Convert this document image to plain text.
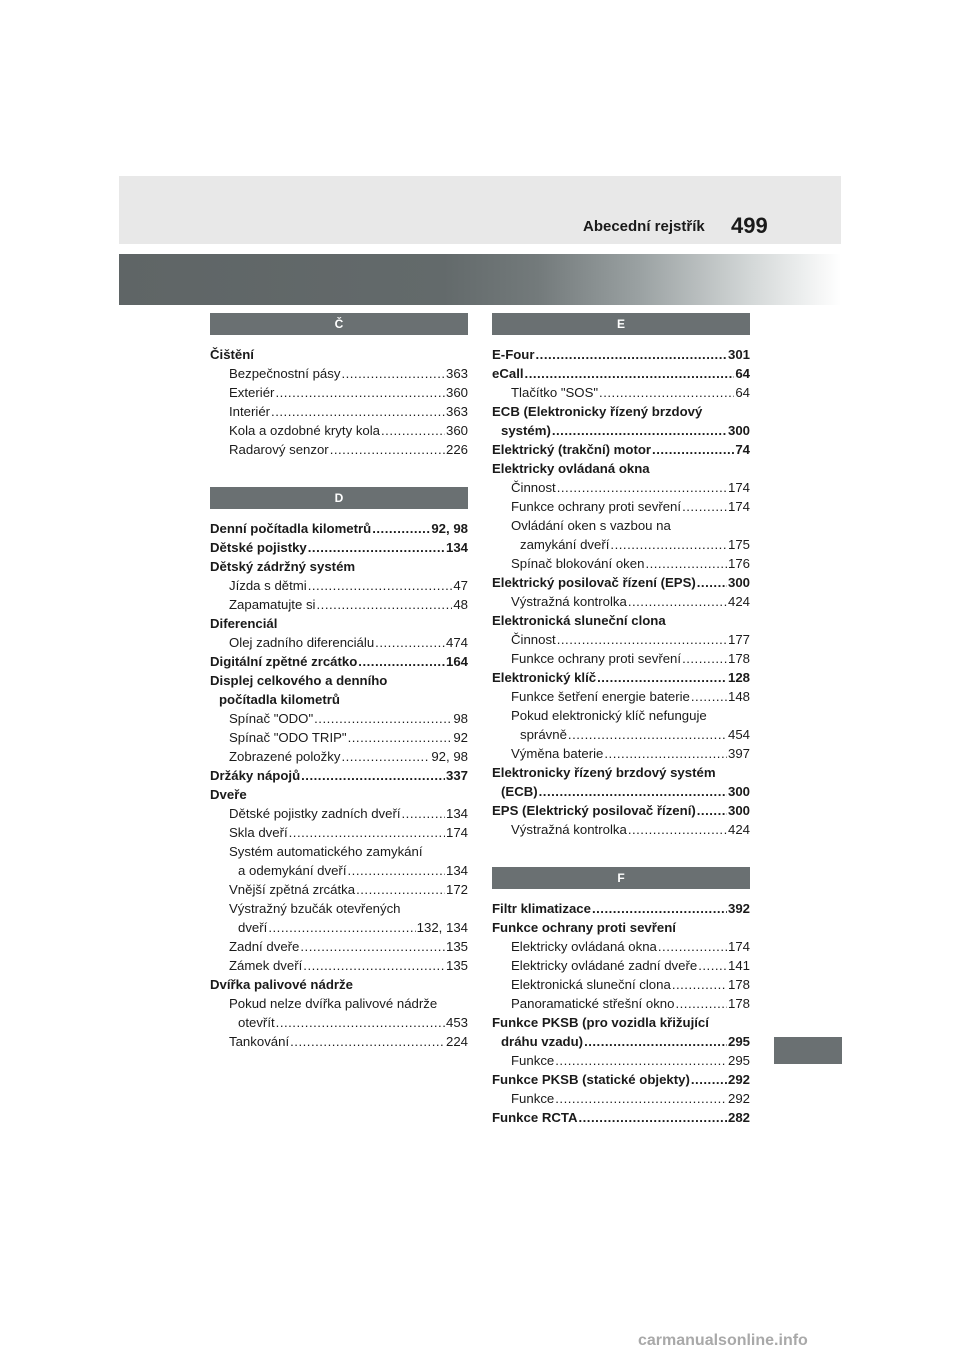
Abecední rejstřík 499
Č
Čištění
Bezpečnostní pásy .....	363
Exteriér .....	360
Interiér .....	363
Kola a ozdobné kryty kola .....	360
Radarový senzor .....	226
D
Denní počítadla kilometrů .....	92, 98
Dětské pojistky .....	134
Dětský zádržný systém
Jízda s dětmi .....	47
Zapamatujte si .....	48
Diferenciál
Olej zadního diferenciálu .....	474
Digitální zpětné zrcátko .....	164
Displej celkového a denního
počítadla kilometrů
Spínač "ODO" .....	98
Spínač "ODO TRIP" .....	92
Zobrazené položky .....	92, 98
Držáky nápojů .....	337
Dveře
Dětské pojistky zadních dveří .....	134
Skla dveří .....	174
Systém automatického zamykání
a odemykání dveří .....	134
Vnější zpětná zrcátka .....	172
Výstražný bzučák otevřených
dveří .....	132, 134
Zadní dveře .....	135
Zámek dveří .....	135
Dvířka palivové nádrže
Pokud nelze dvířka palivové nádrže
otevřít .....	453
Tankování .....	224
E
E-Four .....	301
eCall .....	64
Tlačítko "SOS" .....	64
ECB (Elektronicky řízený brzdový
systém) .....	300
Elektrický (trakční) motor .....	74
Elektricky ovládaná okna
Činnost .....	174
Funkce ochrany proti sevření .....	174
Ovládání oken s vazbou na
zamykání dveří .....	175
Spínač blokování oken .....	176
Elektrický posilovač řízení (EPS) ..... 300
Výstražná kontrolka .....	424
Elektronická sluneční clona
Činnost .....	177
Funkce ochrany proti sevření .....	178
Elektronický klíč .....	128
Funkce šetření energie baterie .....	148
Pokud elektronický klíč nefunguje
správně .....	454
Výměna baterie .....	397
Elektronicky řízený brzdový systém
(ECB) .....	300
EPS (Elektrický posilovač řízení) ..... 300
Výstražná kontrolka .....	424
F
Filtr klimatizace .....	392
Funkce ochrany proti sevření
Elektricky ovládaná okna .....	174
Elektricky ovládané zadní dveře ..... 141
Elektronická sluneční clona .....	178
Panoramatické střešní okno .....	178
Funkce PKSB (pro vozidla křižující
dráhu vzadu) .....	295
Funkce .....	295
Funkce PKSB (statické objekty) .....	292
Funkce .....	292
Funkce RCTA .....	282
carmanualsonline.info
